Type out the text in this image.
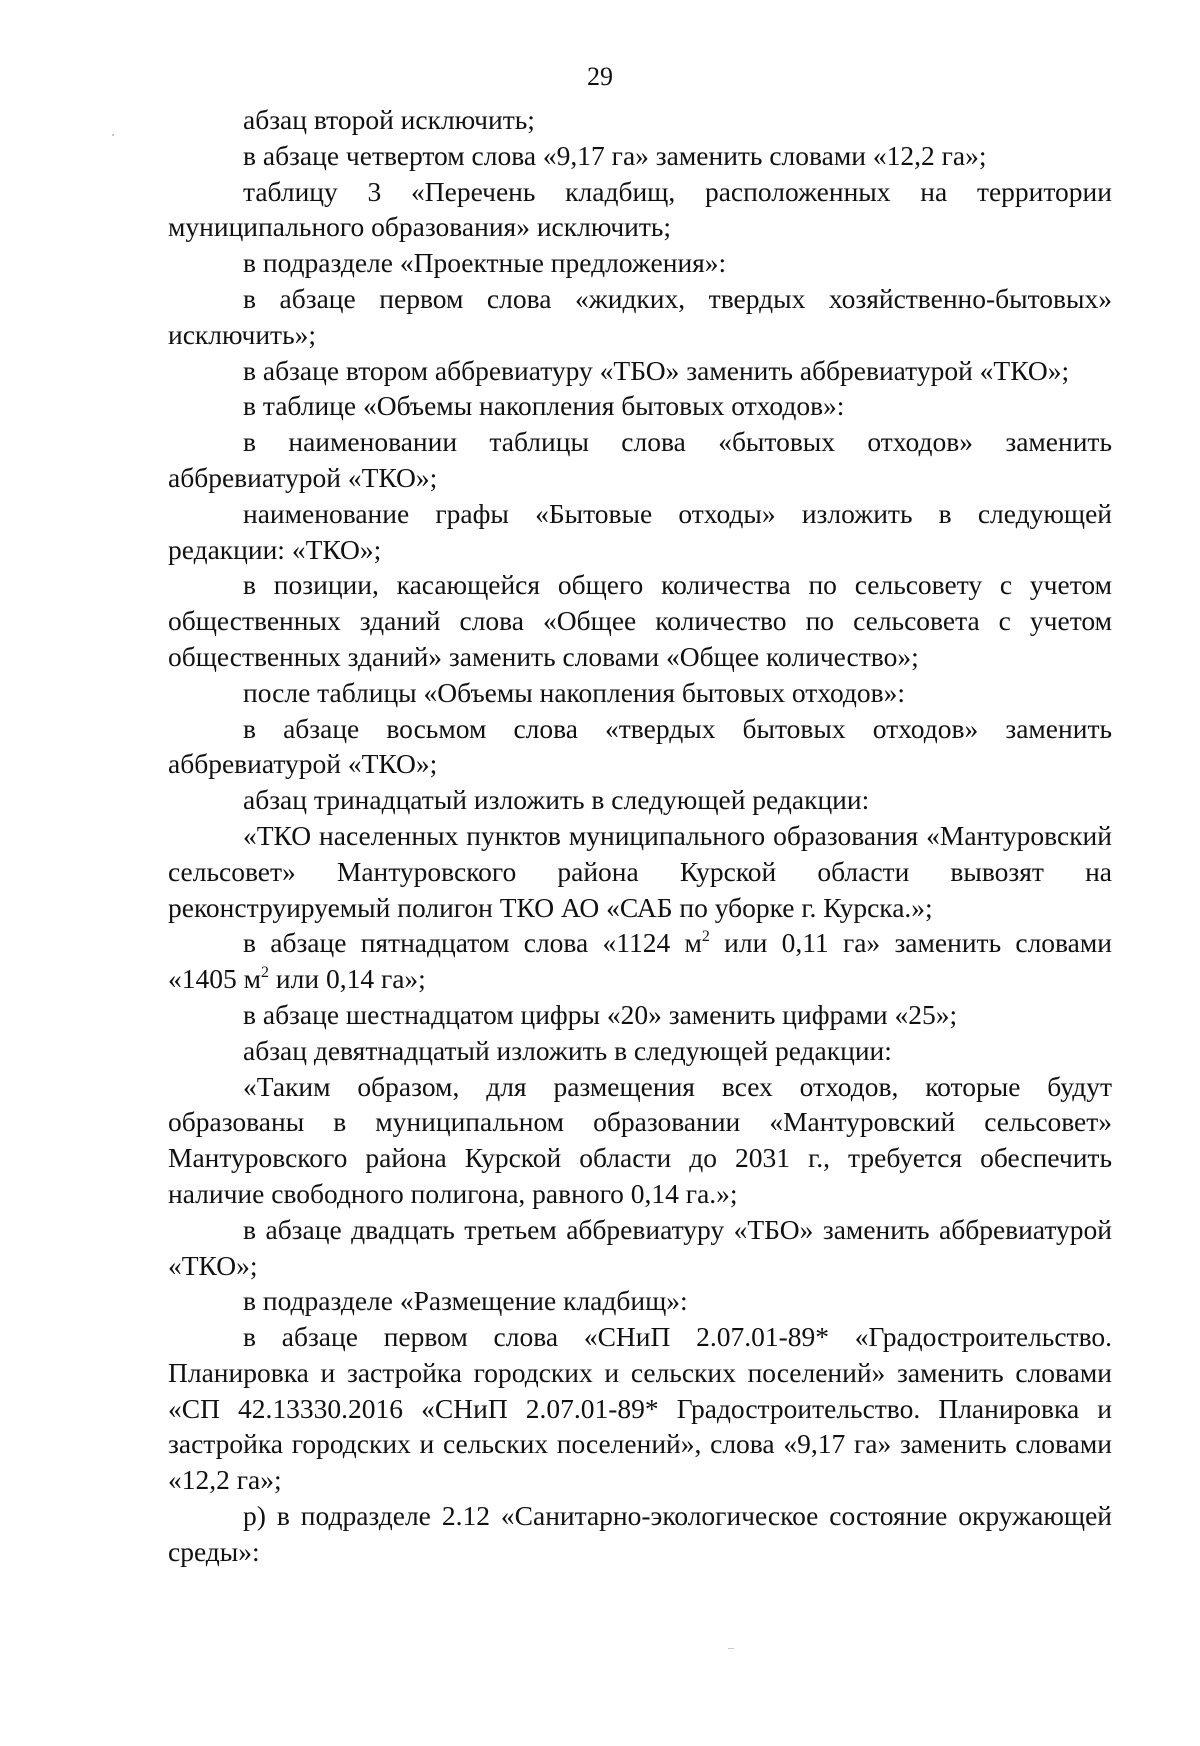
29

абзац второй исключить;

в абзаце четвертом слова «9,17 га» заменить словами «12,2 га»;

таблицу 3 «Перечень кладбищ, расположенных на территории муниципального образования» исключить;

в подразделе «Проектные предложения»:

в абзаце первом слова «жидких, твердых хозяйственно-бытовых» исключить»;

в абзаце втором аббревиатуру «ТБО» заменить аббревиатурой «ТКО»;

в таблице «Объемы накопления бытовых отходов»:

в наименовании таблицы слова «бытовых отходов» заменить аббревиатурой «ТКО»;

наименование графы «Бытовые отходы» изложить в следующей редакции: «ТКО»;

в позиции, касающейся общего количества по сельсовету с учетом общественных зданий слова «Общее количество по сельсовета с учетом общественных зданий» заменить словами «Общее количество»;

после таблицы «Объемы накопления бытовых отходов»:

в абзаце восьмом слова «твердых бытовых отходов» заменить аббревиатурой «ТКО»;

абзац тринадцатый изложить в следующей редакции:

«ТКО населенных пунктов муниципального образования «Мантуровский сельсовет» Мантуровского района Курской области вывозят на реконструируемый полигон ТКО АО «САБ по уборке г. Курска.»;

в абзаце пятнадцатом слова «1124 $м^2$ или 0,11 га» заменить словами «1405 $м^2$ или 0,14 га»;

в абзаце шестнадцатом цифры «20» заменить цифрами «25»;

абзац девятнадцатый изложить в следующей редакции:

«Таким образом, для размещения всех отходов, которые будут образованы в муниципальном образовании «Мантуровский сельсовет» Мантуровского района Курской области до 2031 г., требуется обеспечить наличие свободного полигона, равного 0,14 га.»;

в абзаце двадцать третьем аббревиатуру «ТБО» заменить аббревиатурой «ТКО»;

в подразделе «Размещение кладбищ»:

в абзаце первом слова «СНиП 2.07.01-89* «Градостроительство. Планировка и застройка городских и сельских поселений» заменить словами «СП 42.13330.2016 «СНиП 2.07.01-89* Градостроительство. Планировка и застройка городских и сельских поселений», слова «9,17 га» заменить словами «12,2 га»;

р) в подразделе 2.12 «Санитарно-экологическое состояние окружающей среды»:
